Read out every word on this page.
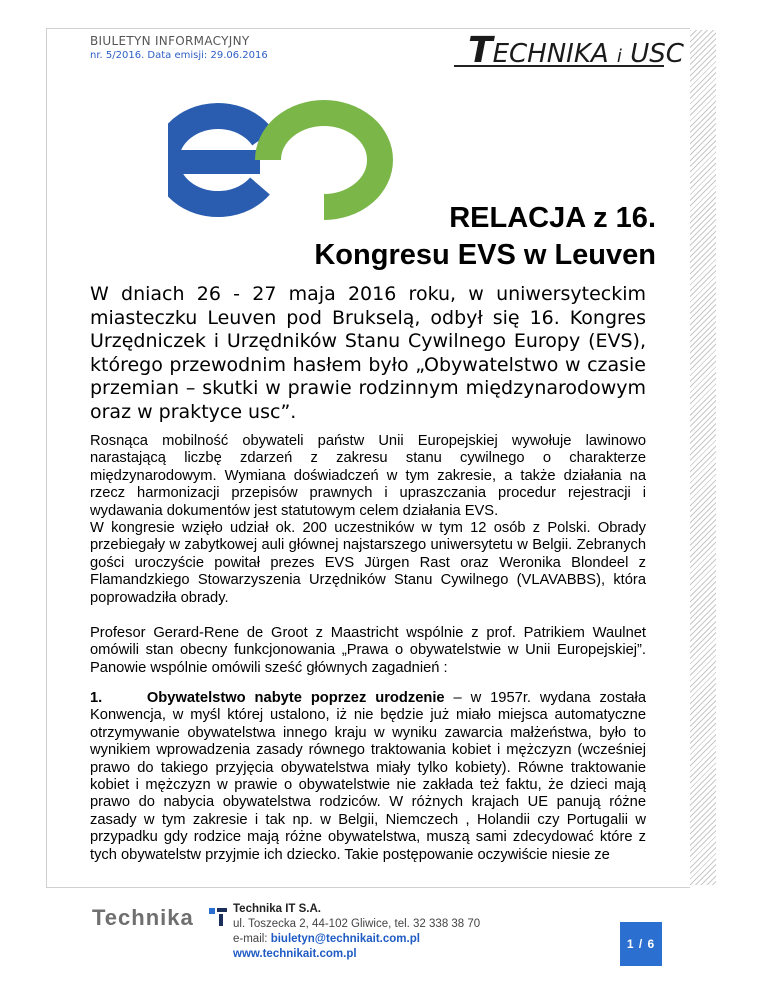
BIULETYN INFORMACYJNY

nr. 5/2016. Data emisji: 29.06.2016	TECHNIKA i USC
RELACJA z 16.
Kongresu EVS w Leuven

W dniach 26 - 27 maja 2016 roku, w uniwersyteckim miasteczku Leuven pod Brukselą, odbył się 16. Kongres Urzędniczek i Urzędników Stanu Cywilnego Europy (EVS), którego przewodnim hasłem było „Obywatelstwo w czasie przemian – skutki w prawie rodzinnym międzynarodowym oraz w praktyce usc”.

Rosnąca mobilność obywateli państw Unii Europejskiej wywołuje lawinowo narastającą liczbę zdarzeń z zakresu stanu cywilnego o charakterze międzynarodowym. Wymiana doświadczeń w tym zakresie, a także działania na rzecz harmonizacji przepisów prawnych i upraszczania procedur rejestracji i wydawania dokumentów jest statutowym celem działania EVS.
W kongresie wzięło udział ok. 200 uczestników w tym 12 osób z Polski. Obrady przebiegały w zabytkowej auli głównej najstarszego uniwersytetu w Belgii. Zebranych gości uroczyście powitał prezes EVS Jürgen Rast oraz Weronika Blondeel z Flamandzkiego Stowarzyszenia Urzędników Stanu Cywilnego (VLAVABBS), która poprowadziła obrady.

Profesor Gerard-Rene de Groot z Maastricht wspólnie z prof. Patrikiem Waulnet omówili stan obecny funkcjonowania „Prawa o obywatelstwie w Unii Europejskiej”. Panowie wspólnie omówili sześć głównych zagadnień :

1.	Obywatelstwo nabyte poprzez urodzenie – w 1957r. wydana została Konwencja, w myśl której ustalono, iż nie będzie już miało miejsca automatyczne otrzymywanie obywatelstwa innego kraju w wyniku zawarcia małżeństwa, było to wynikiem wprowadzenia zasady równego traktowania kobiet i mężczyzn (wcześniej prawo do takiego przyjęcia obywatelstwa miały tylko kobiety). Równe traktowanie kobiet i mężczyzn w prawie o obywatelstwie nie zakłada też faktu, że dzieci mają prawo do nabycia obywatelstwa rodziców. W różnych krajach UE panują różne zasady w tym zakresie i tak np. w Belgii, Niemczech , Holandii czy Portugalii w przypadku gdy rodzice mają różne obywatelstwa, muszą sami zdecydować które z tych obywatelstw przyjmie ich dziecko. Takie postępowanie oczywiście niesie ze

Technika	Technika IT S.A.
ul. Toszecka 2, 44-102 Gliwice, tel. 32 338 38 70
e-mail: biuletyn@technikait.com.pl
www.technikait.com.pl
1 / 6
